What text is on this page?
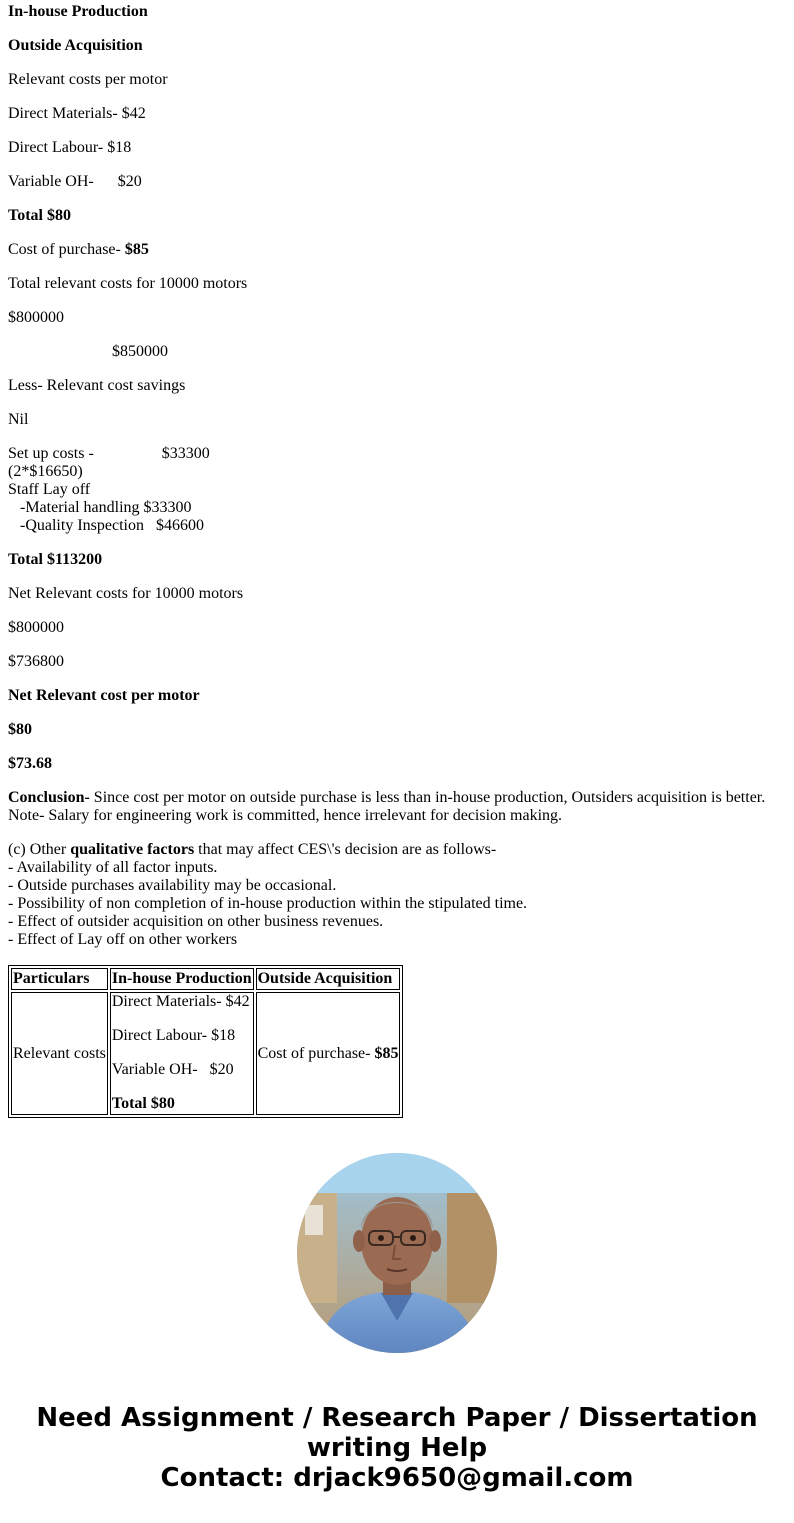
In-house Production

Outside Acquisition

Relevant costs per motor

Direct Materials- $42

Direct Labour- $18

Variable OH-      $20

Total $80

Cost of purchase- $85

Total relevant costs for 10000 motors

$800000

$850000

Less- Relevant cost savings

Nil

Set up costs -                 $33300
(2*$16650)
Staff Lay off
-Material handling $33300
-Quality Inspection   $46600

Total $113200

Net Relevant costs for 10000 motors

$800000

$736800

Net Relevant cost per motor

$80

$73.68

Conclusion- Since cost per motor on outside purchase is less than in-house production, Outsiders acquisition is better.
Note- Salary for engineering work is committed, hence irrelevant for decision making.
(c) Other qualitative factors that may affect CES\'s decision are as follows-
- Availability of all factor inputs.
- Outside purchases availability may be occasional.
- Possibility of non completion of in-house production within the stipulated time.
- Effect of outsider acquisition on other business revenues.
- Effect of Lay off on other workers
Particulars	In-house Production	Outside Acquisition
Relevant costs	Direct Materials- $42
Direct Labour- $18
Variable OH-   $20
Total $80	Cost of purchase- $85
Need Assignment / Research Paper / Dissertation
writing Help
Contact: drjack9650@gmail.com
